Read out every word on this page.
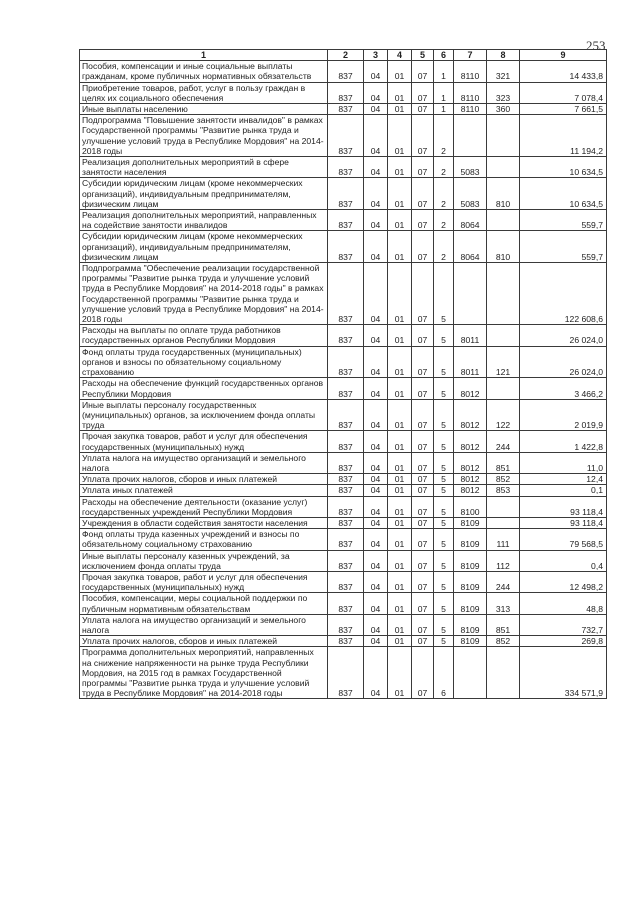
253
1	2	3	4	5	6	7	8	9
Пособия, компенсации и иные социальные выплаты гражданам, кроме публичных нормативных обязательств	837	04	01	07	1	8110	321	14 433,8
Приобретение товаров, работ, услуг в пользу граждан в целях их социального обеспечения	837	04	01	07	1	8110	323	7 078,4
Иные выплаты населению	837	04	01	07	1	8110	360	7 661,5
Подпрограмма "Повышение занятости инвалидов" в рамках Государственной программы "Развитие рынка труда и улучшение условий труда в Республике Мордовия" на 2014-2018 годы	837	04	01	07	2			11 194,2
Реализация дополнительных мероприятий в сфере занятости населения	837	04	01	07	2	5083		10 634,5
Субсидии юридическим лицам (кроме некоммерческих организаций), индивидуальным предпринимателям, физическим лицам	837	04	01	07	2	5083	810	10 634,5
Реализация дополнительных мероприятий, направленных на содействие занятости инвалидов	837	04	01	07	2	8064		559,7
Субсидии юридическим лицам (кроме некоммерческих организаций), индивидуальным предпринимателям, физическим лицам	837	04	01	07	2	8064	810	559,7
Подпрограмма "Обеспечение реализации государственной программы "Развитие рынка труда и улучшение условий труда в Республике Мордовия" на 2014-2018 годы" в рамках Государственной программы "Развитие рынка труда и улучшение условий труда в Республике Мордовия" на 2014-2018 годы	837	04	01	07	5			122 608,6
Расходы на выплаты по оплате труда работников государственных органов Республики Мордовия	837	04	01	07	5	8011		26 024,0
Фонд оплаты труда государственных (муниципальных) органов и взносы по обязательному социальному страхованию	837	04	01	07	5	8011	121	26 024,0
Расходы на обеспечение функций государственных органов Республики Мордовия	837	04	01	07	5	8012		3 466,2
Иные выплаты персоналу государственных (муниципальных) органов, за исключением фонда оплаты труда	837	04	01	07	5	8012	122	2 019,9
Прочая закупка товаров, работ и услуг для обеспечения государственных (муниципальных) нужд	837	04	01	07	5	8012	244	1 422,8
Уплата налога на имущество организаций и земельного налога	837	04	01	07	5	8012	851	11,0
Уплата прочих налогов, сборов и иных платежей	837	04	01	07	5	8012	852	12,4
Уплата иных платежей	837	04	01	07	5	8012	853	0,1
Расходы на обеспечение деятельности (оказание услуг) государственных учреждений Республики Мордовия	837	04	01	07	5	8100		93 118,4
Учреждения в области содействия занятости населения	837	04	01	07	5	8109		93 118,4
Фонд оплаты труда казенных учреждений и взносы по обязательному социальному страхованию	837	04	01	07	5	8109	111	79 568,5
Иные выплаты персоналу казенных учреждений, за исключением фонда оплаты труда	837	04	01	07	5	8109	112	0,4
Прочая закупка товаров, работ и услуг для обеспечения государственных (муниципальных) нужд	837	04	01	07	5	8109	244	12 498,2
Пособия, компенсации, меры социальной поддержки по публичным нормативным обязательствам	837	04	01	07	5	8109	313	48,8
Уплата налога на имущество организаций и земельного налога	837	04	01	07	5	8109	851	732,7
Уплата прочих налогов, сборов и иных платежей	837	04	01	07	5	8109	852	269,8
Программа дополнительных мероприятий, направленных на снижение напряженности на рынке труда Республики Мордовия, на 2015 год в рамках Государственной программы "Развитие рынка труда и улучшение условий труда в Республике Мордовия" на 2014-2018 годы	837	04	01	07	6			334 571,9
